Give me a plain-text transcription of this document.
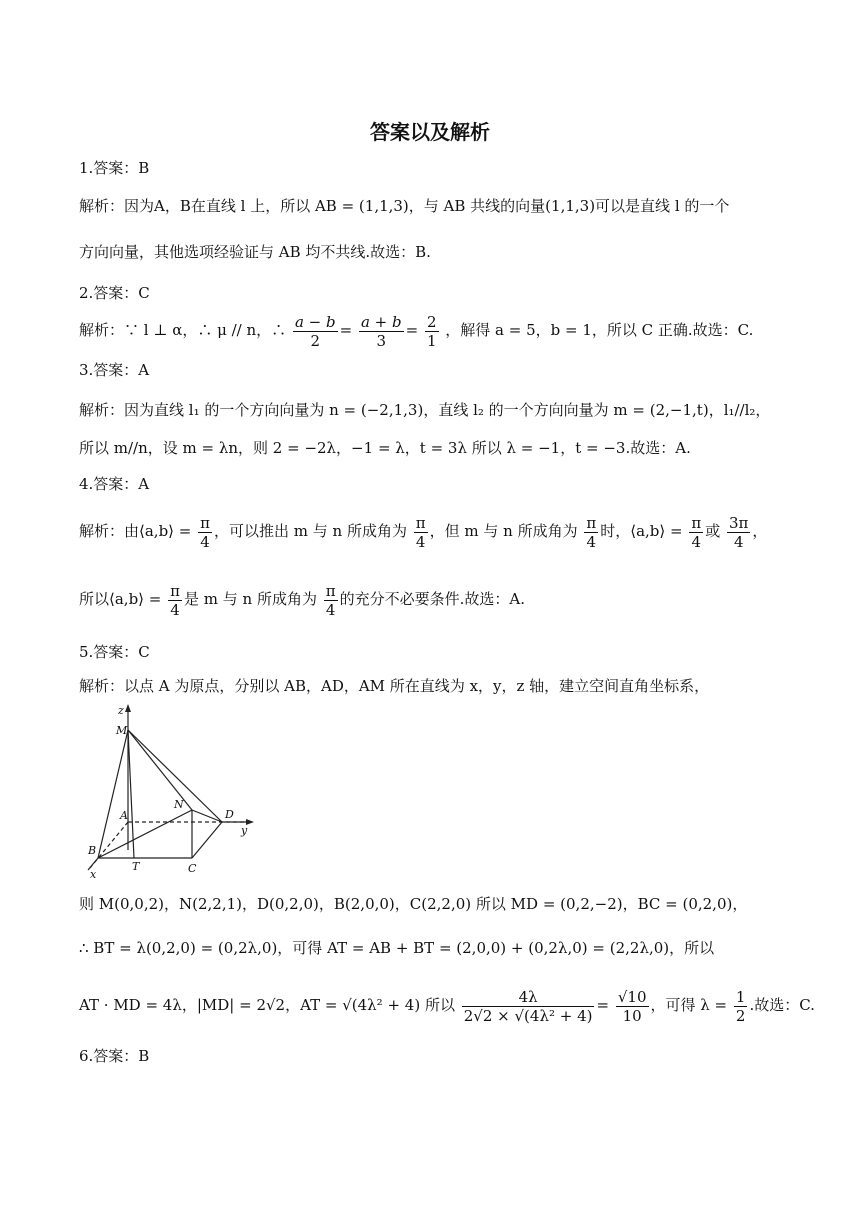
答案以及解析
1.答案：B
解析：因为A，B在直线 l 上，所以 AB = (1,1,3)，与 AB 共线的向量(1,1,3)可以是直线 l 的一个
方向向量，其他选项经验证与 AB 均不共线.故选：B.
2.答案：C
解析：∵ l ⊥ α，∴ μ // n，∴ $\frac{a - b}{2} = \frac{a + b}{3} = \frac{2}{1}$ ，解得 a = 5，b = 1，所以 C 正确.故选：C.
3.答案：A
解析：因为直线 l₁ 的一个方向向量为 n = (−2,1,3)，直线 l₂ 的一个方向向量为 m = (2,−1,t)，l₁//l₂，
所以 m//n，设 m = λn，则 2 = −2λ，−1 = λ，t = 3λ 所以 λ = −1，t = −3.故选：A.
4.答案：A
解析：由⟨a,b⟩ = $\frac{\pi}{4}$ ，可以推出 m 与 n 所成角为 $\frac{\pi}{4}$ ，但 m 与 n 所成角为 $\frac{\pi}{4}$ 时，⟨a,b⟩ = $\frac{\pi}{4}$ 或 $\frac{3\pi}{4}$ ，
所以⟨a,b⟩ = $\frac{\pi}{4}$ 是 m 与 n 所成角为 $\frac{\pi}{4}$ 的充分不必要条件.故选：A.
5.答案：C
解析：以点 A 为原点，分别以 AB，AD，AM 所在直线为 x，y，z 轴，建立空间直角坐标系，
z
M
N
D
y
A
B
T	C
x
则 M(0,0,2)，N(2,2,1)，D(0,2,0)，B(2,0,0)，C(2,2,0) 所以 MD = (0,2,−2)，BC = (0,2,0)，
∴ BT = λ(0,2,0) = (0,2λ,0)，可得 AT = AB + BT = (2,0,0) + (0,2λ,0) = (2,2λ,0)，所以
AT · MD = 4λ，|MD| = 2√2，AT = √(4λ² + 4) 所以 $\frac{4\lambda}{\text{2√2 × √(4λ² + 4)}} = \frac{√10}{10}$ ，可得 $\lambda = \frac{1}{2}$ .故选：C.
6.答案：B
